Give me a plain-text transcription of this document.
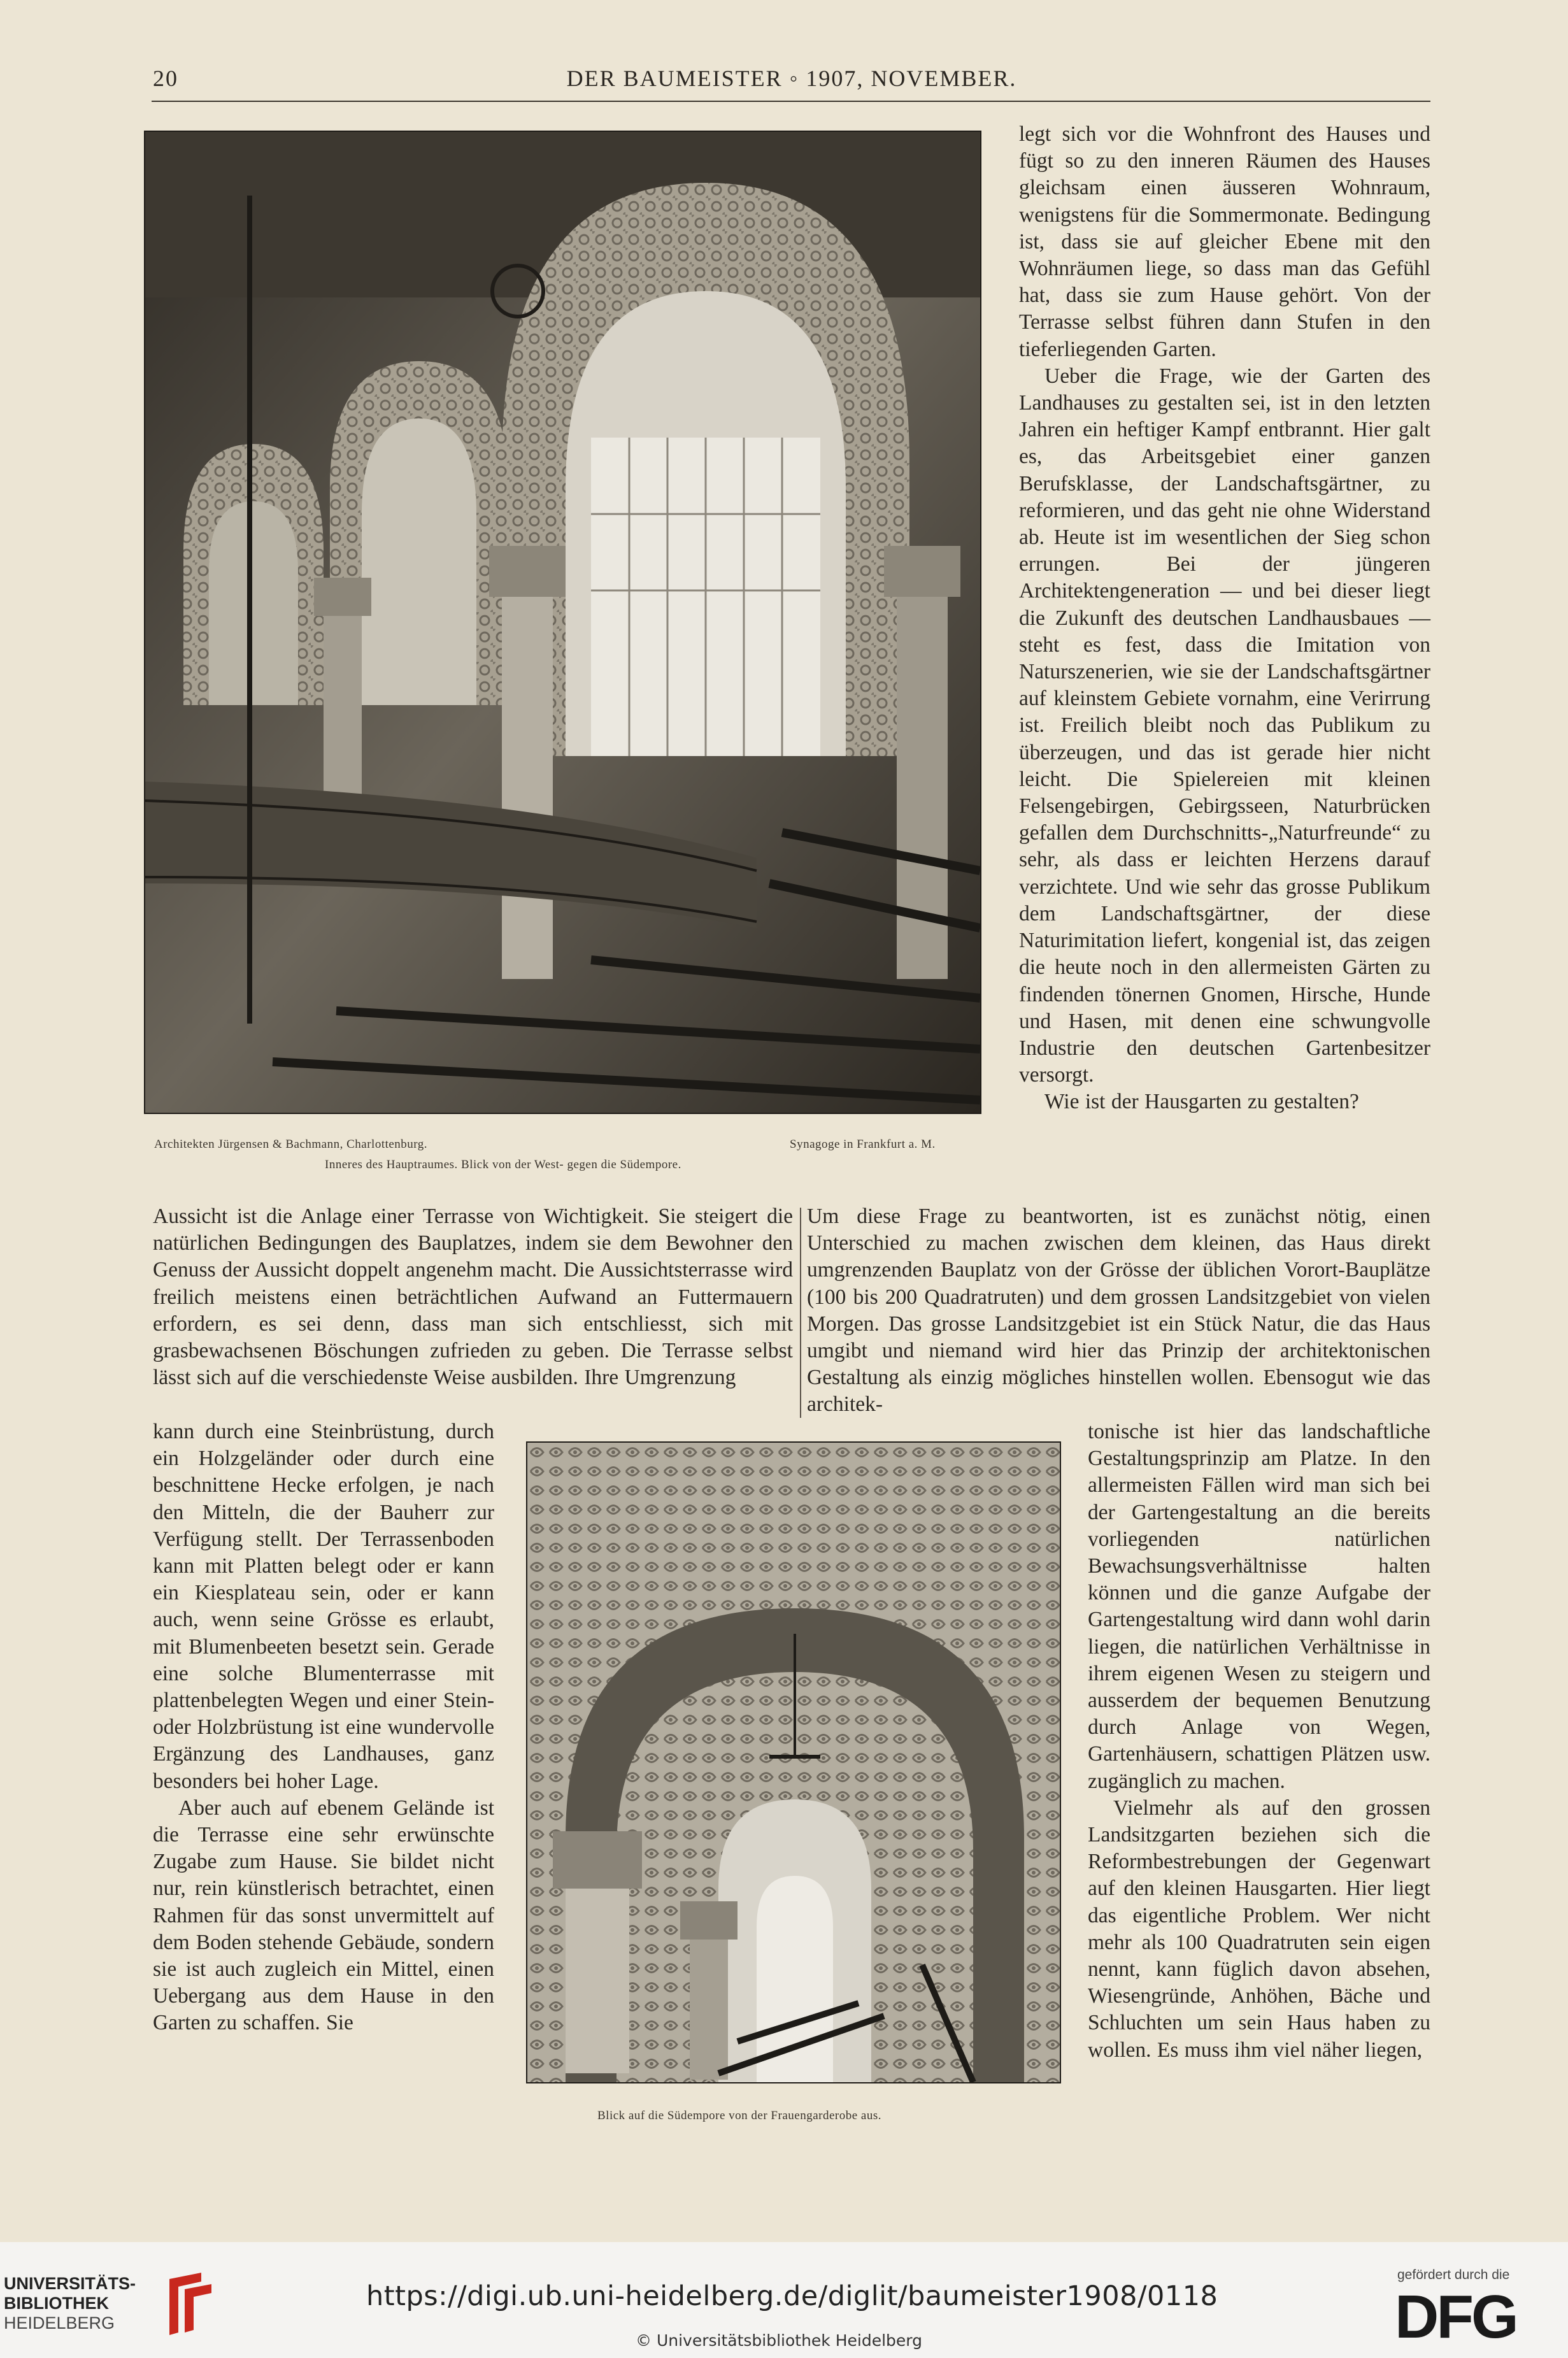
20	DER BAUMEISTER ◦ 1907, NOVEMBER.
Architekten Jürgensen & Bachmann, Charlottenburg.	Synagoge in Frankfurt a. M.
Inneres des Hauptraumes. Blick von der West- gegen die Südempore.

legt sich vor die Wohnfront des Hauses und fügt so zu den inneren Räumen des Hauses gleichsam einen äusseren Wohnraum, wenigstens für die Sommermonate. Bedingung ist, dass sie auf gleicher Ebene mit den Wohnräumen liege, so dass man das Gefühl hat, dass sie zum Hause gehört. Von der Terrasse selbst führen dann Stufen in den tieferliegenden Garten.

Ueber die Frage, wie der Garten des Landhauses zu gestalten sei, ist in den letzten Jahren ein heftiger Kampf entbrannt. Hier galt es, das Arbeitsgebiet einer ganzen Berufsklasse, der Landschaftsgärtner, zu reformieren, und das geht nie ohne Widerstand ab. Heute ist im wesentlichen der Sieg schon errungen. Bei der jüngeren Architektengeneration — und bei dieser liegt die Zukunft des deutschen Landhausbaues — steht es fest, dass die Imitation von Naturszenerien, wie sie der Landschaftsgärtner auf kleinstem Gebiete vornahm, eine Verirrung ist. Freilich bleibt noch das Publikum zu überzeugen, und das ist gerade hier nicht leicht. Die Spielereien mit kleinen Felsengebirgen, Gebirgsseen, Naturbrücken gefallen dem Durchschnitts-„Naturfreunde“ zu sehr, als dass er leichten Herzens darauf verzichtete. Und wie sehr das grosse Publikum dem Landschaftsgärtner, der diese Naturimitation liefert, kongenial ist, das zeigen die heute noch in den allermeisten Gärten zu findenden tönernen Gnomen, Hirsche, Hunde und Hasen, mit denen eine schwungvolle Industrie den deutschen Gartenbesitzer versorgt.

Wie ist der Hausgarten zu gestalten?

Aussicht ist die Anlage einer Terrasse von Wichtigkeit. Sie steigert die natürlichen Bedingungen des Bauplatzes, indem sie dem Bewohner den Genuss der Aussicht doppelt angenehm macht. Die Aussichtsterrasse wird freilich meistens einen beträchtlichen Aufwand an Futtermauern erfordern, es sei denn, dass man sich entschliesst, sich mit grasbewachsenen Böschungen zufrieden zu geben. Die Terrasse selbst lässt sich auf die verschiedenste Weise ausbilden. Ihre Umgrenzung

Um diese Frage zu beantworten, ist es zunächst nötig, einen Unterschied zu machen zwischen dem kleinen, das Haus direkt umgrenzenden Bauplatz von der Grösse der üblichen Vorort-Bauplätze (100 bis 200 Quadratruten) und dem grossen Landsitzgebiet von vielen Morgen. Das grosse Landsitzgebiet ist ein Stück Natur, die das Haus umgibt und niemand wird hier das Prinzip der architektonischen Gestaltung als einzig mögliches hinstellen wollen. Ebensogut wie das architek-

kann durch eine Steinbrüstung, durch ein Holzgeländer oder durch eine beschnittene Hecke erfolgen, je nach den Mitteln, die der Bauherr zur Verfügung stellt. Der Terrassenboden kann mit Platten belegt oder er kann ein Kiesplateau sein, oder er kann auch, wenn seine Grösse es erlaubt, mit Blumenbeeten besetzt sein. Gerade eine solche Blumenterrasse mit plattenbelegten Wegen und einer Stein- oder Holzbrüstung ist eine wundervolle Ergänzung des Landhauses, ganz besonders bei hoher Lage.

Aber auch auf ebenem Gelände ist die Terrasse eine sehr erwünschte Zugabe zum Hause. Sie bildet nicht nur, rein künstlerisch betrachtet, einen Rahmen für das sonst unvermittelt auf dem Boden stehende Gebäude, sondern sie ist auch zugleich ein Mittel, einen Uebergang aus dem Hause in den Garten zu schaffen. Sie

Blick auf die Südempore von der Frauengarderobe aus.

tonische ist hier das landschaftliche Gestaltungsprinzip am Platze. In den allermeisten Fällen wird man sich bei der Gartengestaltung an die bereits vorliegenden natürlichen Bewachsungsverhältnisse halten können und die ganze Aufgabe der Gartengestaltung wird dann wohl darin liegen, die natürlichen Verhältnisse in ihrem eigenen Wesen zu steigern und ausserdem der bequemen Benutzung durch Anlage von Wegen, Gartenhäusern, schattigen Plätzen usw. zugänglich zu machen.

Vielmehr als auf den grossen Landsitzgarten beziehen sich die Reformbestrebungen der Gegenwart auf den kleinen Hausgarten. Hier liegt das eigentliche Problem. Wer nicht mehr als 100 Quadratruten sein eigen nennt, kann füglich davon absehen, Wiesengründe, Anhöhen, Bäche und Schluchten um sein Haus haben zu wollen. Es muss ihm viel näher liegen,

UNIVERSITÄTS-
BIBLIOTHEK
HEIDELBERG
https://digi.ub.uni-heidelberg.de/diglit/baumeister1908/0118
© Universitätsbibliothek Heidelberg
gefördert durch die
DFG
